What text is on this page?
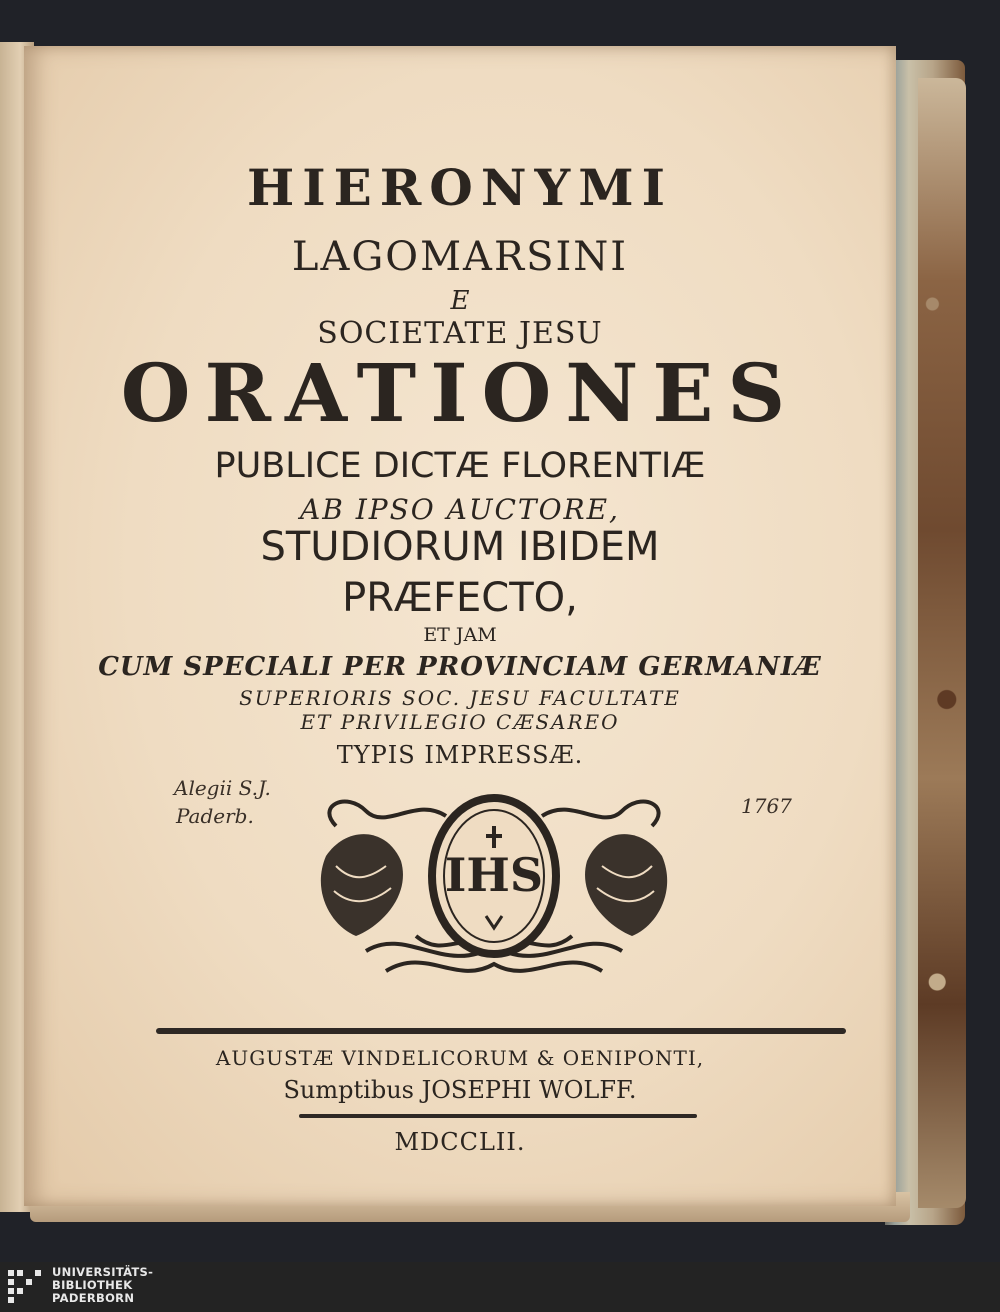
HIERONYMI
LAGOMARSINI
E
SOCIETATE JESU
ORATIONES
PUBLICE DICTÆ FLORENTIÆ
AB IPSO AUCTORE,
STUDIORUM IBIDEM
PRÆFECTO,
ET JAM
CUM SPECIALI PER PROVINCIAM GERMANIÆ
SUPERIORIS SOC. JESU FACULTATE
ET PRIVILEGIO CÆSAREO
TYPIS IMPRESSÆ.
Alegii S.J.
Paderb.	1767
IHS
AUGUSTÆ VINDELICORUM & OENIPONTI,
Sumptibus JOSEPHI WOLFF.
MDCCLII.
UNIVERSITÄTS-
BIBLIOTHEK
PADERBORN
